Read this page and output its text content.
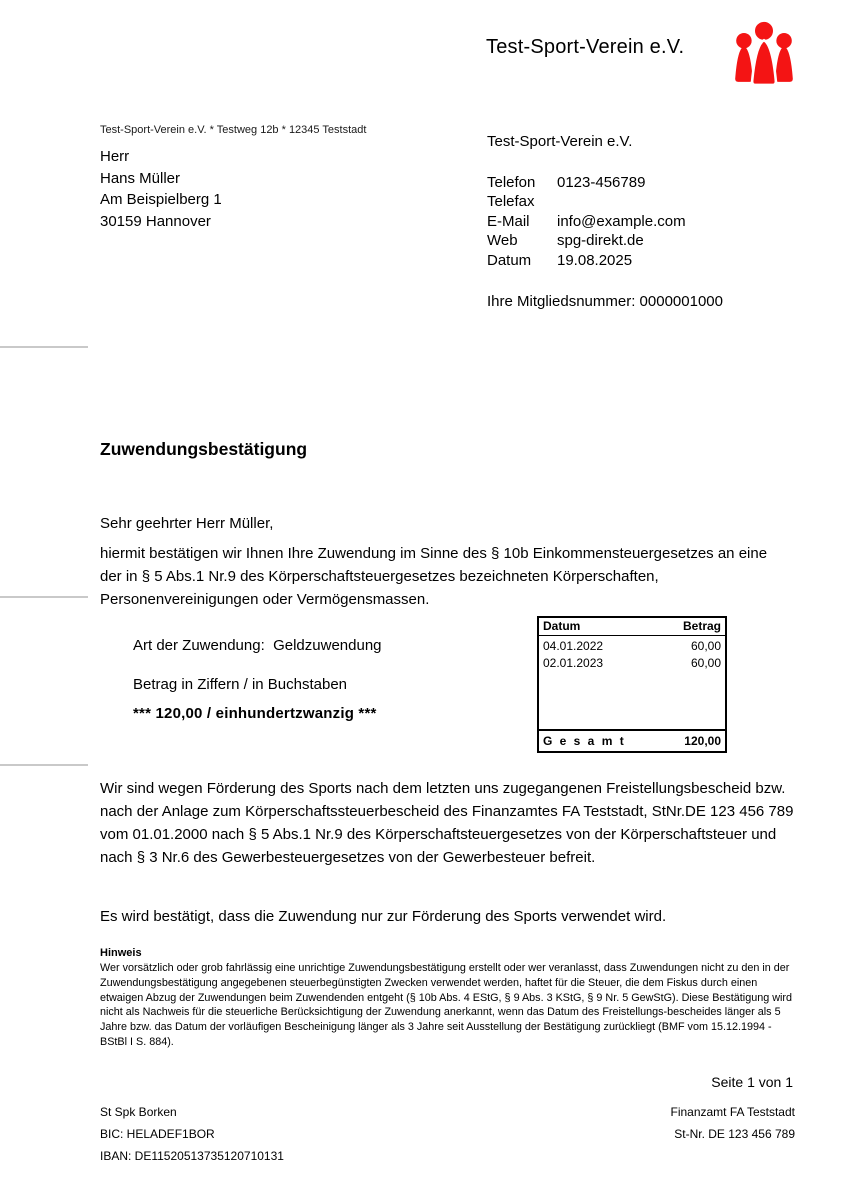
Test-Sport-Verein e.V.
Test-Sport-Verein e.V. * Testweg 12b * 12345 Teststadt
Herr
Hans Müller
Am Beispielberg 1
30159 Hannover
Test-Sport-Verein e.V.
Telefon	0123-456789
Telefax
E-Mail	info@example.com
Web	spg-direkt.de
Datum	19.08.2025
Ihre Mitgliedsnummer: 0000001000
Zuwendungsbestätigung
Sehr geehrter Herr Müller,
hiermit bestätigen wir Ihnen Ihre Zuwendung im Sinne des § 10b Einkommensteuergesetzes an eine der in § 5 Abs.1 Nr.9 des Körperschaftsteuergesetzes bezeichneten Körperschaften, Personenvereinigungen oder Vermögensmassen.
Art der Zuwendung: Geldzuwendung
Betrag in Ziffern / in Buchstaben
*** 120,00 / einhundertzwanzig ***
Datum	Betrag
04.01.2022	60,00
02.01.2023	60,00
G e s a m t	120,00
Wir sind wegen Förderung des Sports nach dem letzten uns zugegangenen Freistellungsbescheid bzw. nach der Anlage zum Körperschaftssteuerbescheid des Finanzamtes FA Teststadt, StNr.DE 123 456 789 vom 01.01.2000 nach § 5 Abs.1 Nr.9 des Körperschaftsteuergesetzes von der Körperschaftsteuer und nach § 3 Nr.6 des Gewerbesteuergesetzes von der Gewerbesteuer befreit.
Es wird bestätigt, dass die Zuwendung nur zur Förderung des Sports verwendet wird.
Hinweis
Wer vorsätzlich oder grob fahrlässig eine unrichtige Zuwendungsbestätigung erstellt oder wer veranlasst, dass Zuwendungen nicht zu den in der Zuwendungsbestätigung angegebenen steuerbegünstigten Zwecken verwendet werden, haftet für die Steuer, die dem Fiskus durch einen etwaigen Abzug der Zuwendungen beim Zuwendenden entgeht (§ 10b Abs. 4 EStG, § 9 Abs. 3 KStG, § 9 Nr. 5 GewStG). Diese Bestätigung wird nicht als Nachweis für die steuerliche Berücksichtigung der Zuwendung anerkannt, wenn das Datum des Freistellungs-bescheides länger als 5 Jahre bzw. das Datum der vorläufigen Bescheinigung länger als 3 Jahre seit Ausstellung der Bestätigung zurückliegt (BMF vom 15.12.1994 - BStBl I S. 884).
Seite 1 von 1
St Spk Borken
BIC: HELADEF1BOR
IBAN: DE11520513735120710131
Finanzamt FA Teststadt
St-Nr. DE 123 456 789
